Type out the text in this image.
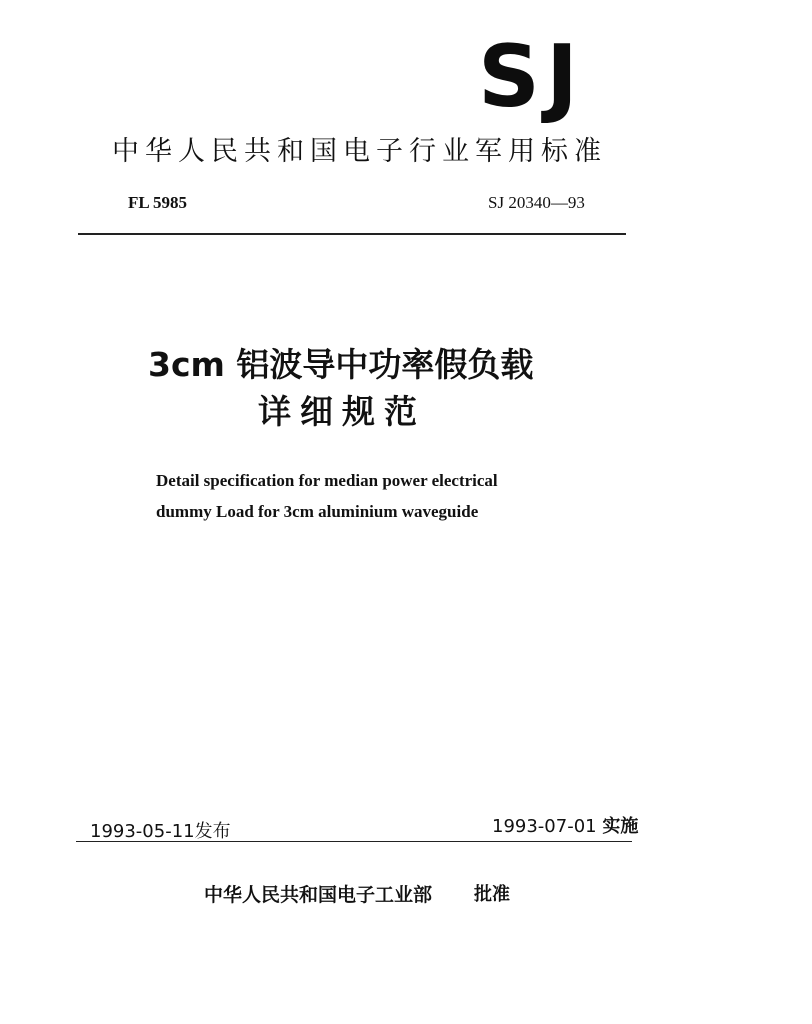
SJ
中华人民共和国电子行业军用标准
FL 5985	SJ 20340—93
3cm 铝波导中功率假负载
详细规范
Detail specification for median power electrical
dummy Load for 3cm aluminium waveguide
1993-05-11发布	1993-07-01 实施
中华人民共和国电子工业部 批准
